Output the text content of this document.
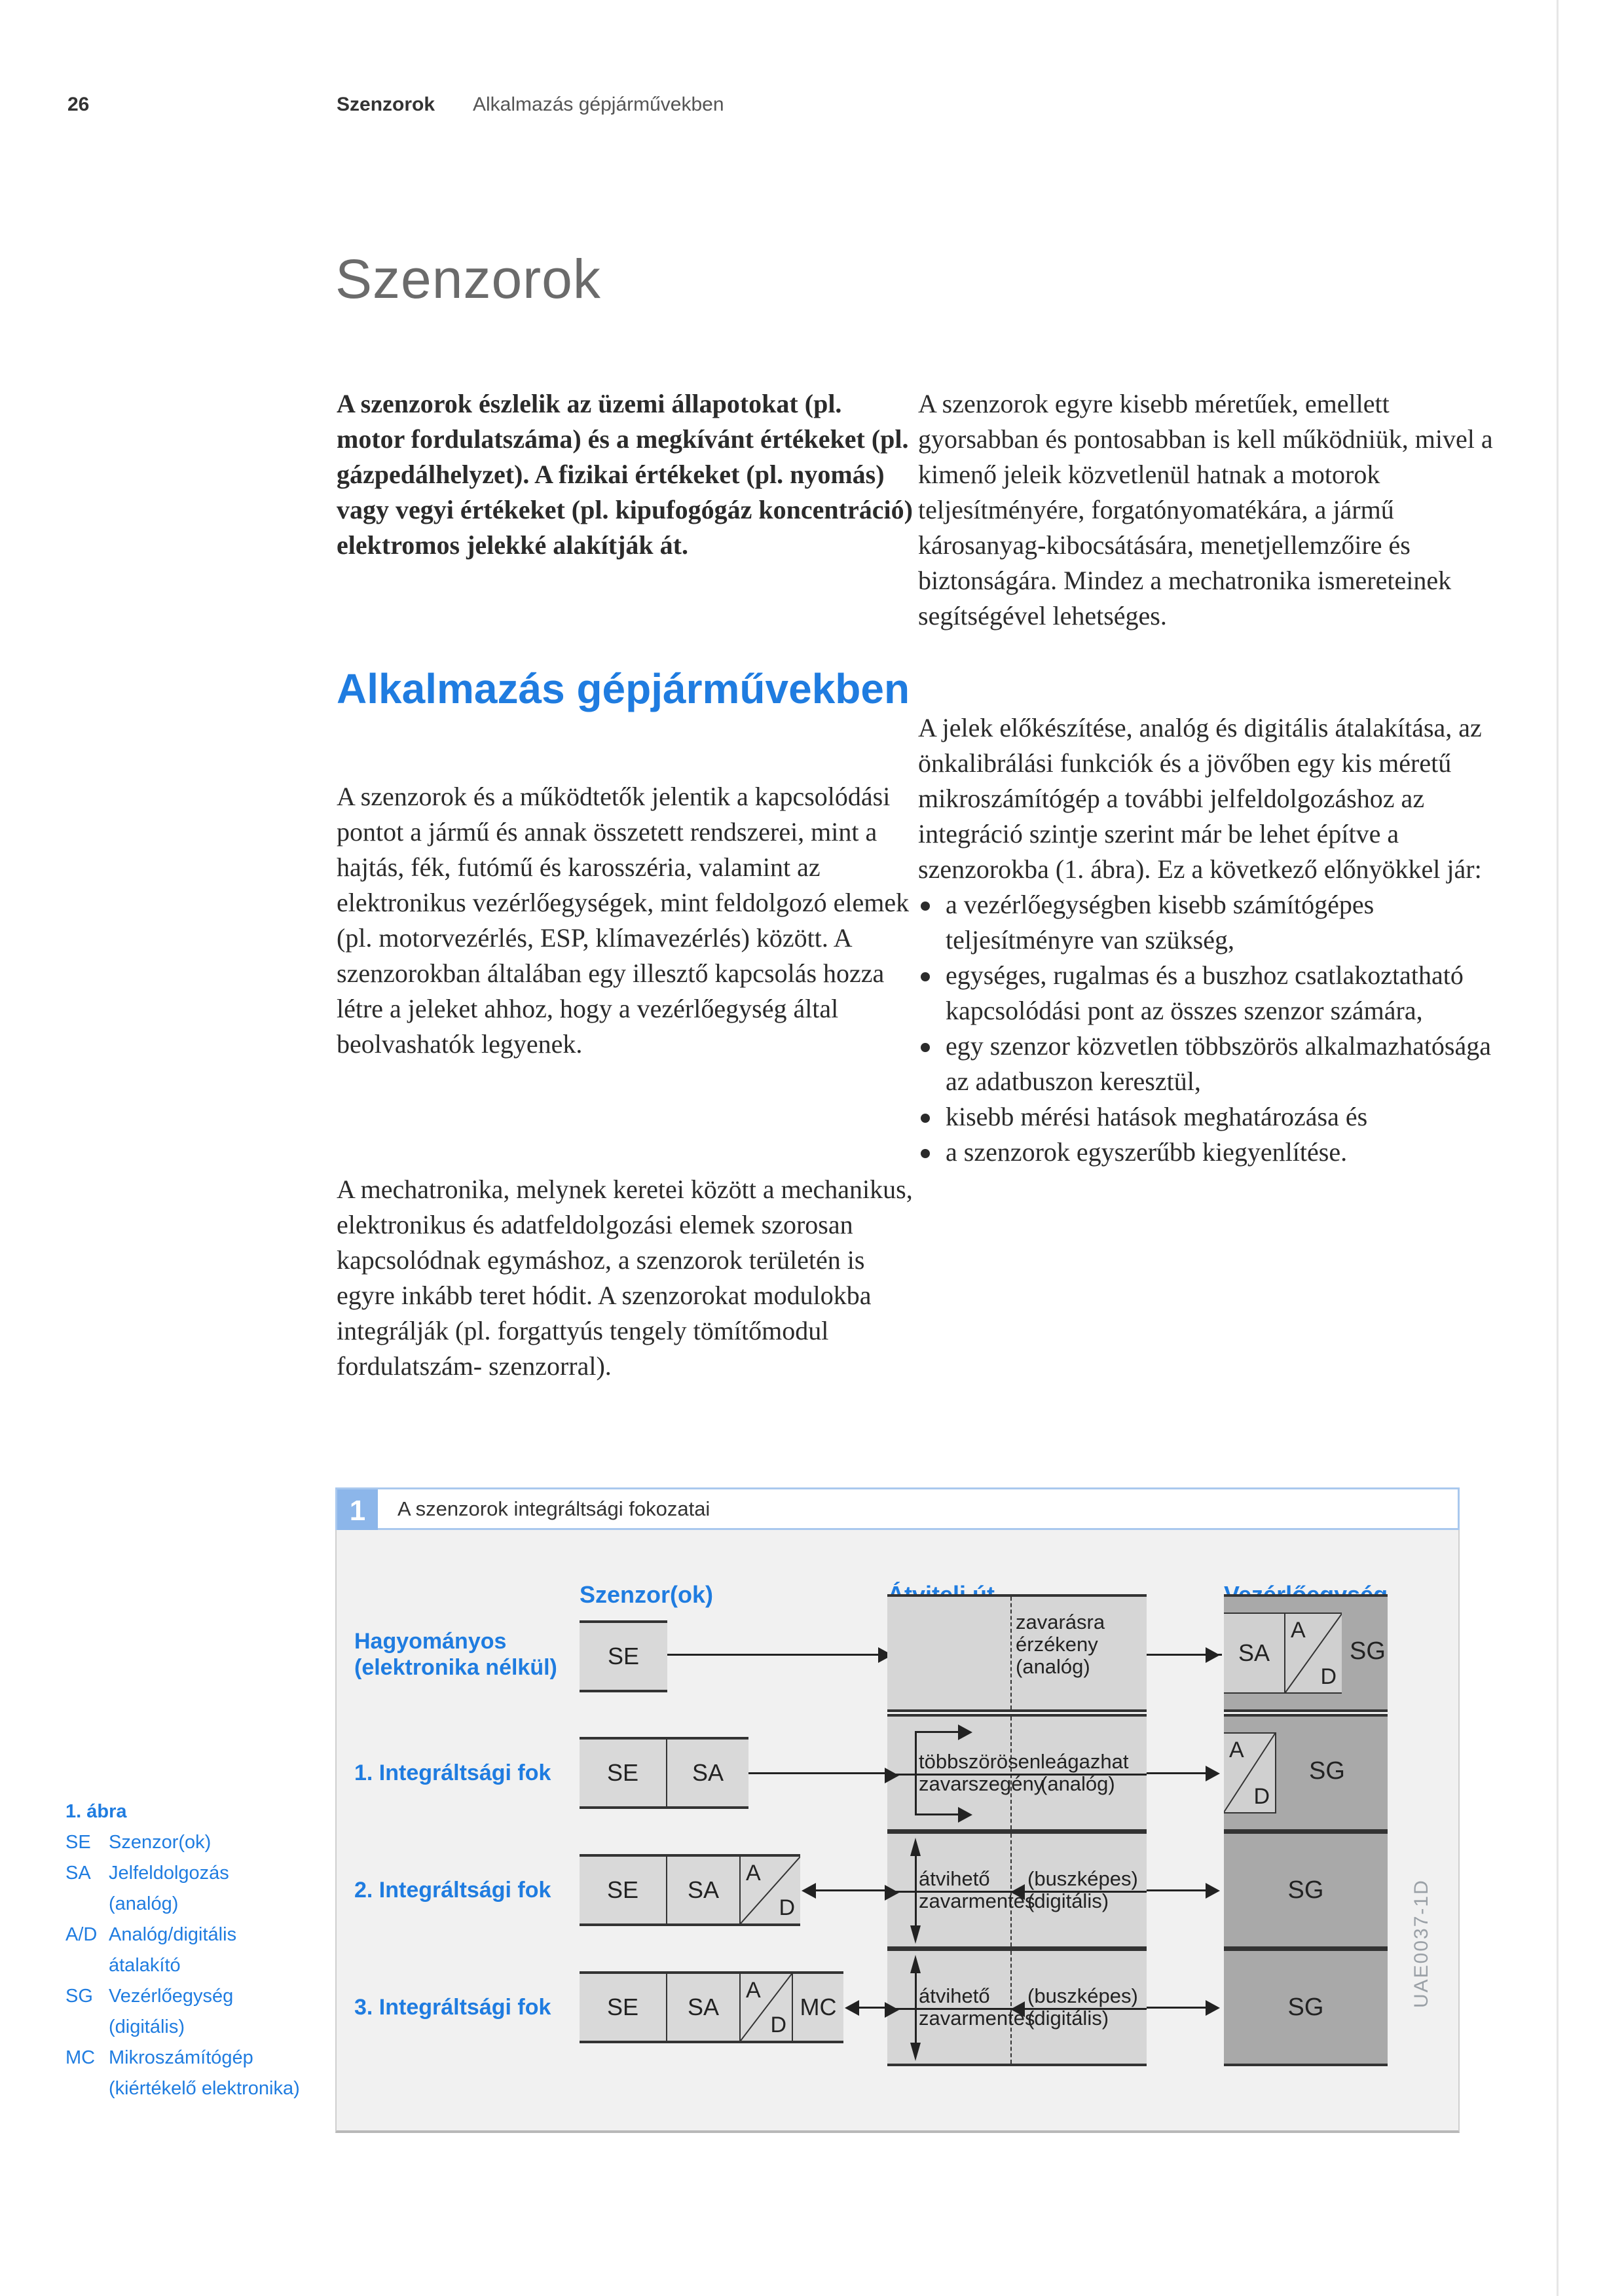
26	Szenzorok Alkalmazás gépjárművekben
Szenzorok

A szenzorok észlelik az üzemi állapotokat (pl. motor fordulatszáma) és a megkívánt értékeket (pl. gázpedálhelyzet). A fizikai értékeket (pl. nyomás) vagy vegyi értékeket (pl. kipufogógáz koncentráció) elektromos jelekké alakítják át.

Alkalmazás gépjárművekben

A szenzorok és a működtetők jelentik a kapcsolódási pontot a jármű és annak összetett rendszerei, mint a hajtás, fék, futómű és karosszéria, valamint az elektronikus vezérlőegységek, mint feldolgozó elemek (pl. motorvezérlés, ESP, klímavezérlés) között. A szenzorokban általában egy illesztő kapcsolás hozza létre a jeleket ahhoz, hogy a vezérlőegység által beolvashatók legyenek.

A mechatronika, melynek keretei között a mechanikus, elektronikus és adatfeldolgozási elemek szorosan kapcsolódnak egymáshoz, a szenzorok területén is egyre inkább teret hódit. A szenzorokat modulokba integrálják (pl. forgattyús tengely tömítőmodul fordulatszám- szenzorral).

A szenzorok egyre kisebb méretűek, emellett gyorsabban és pontosabban is kell működniük, mivel a kimenő jeleik közvetlenül hatnak a motorok teljesítményére, forgatónyomatékára, a jármű károsanyag-kibocsátására, menetjellemzőire és biztonságára. Mindez a mechatronika ismereteinek segítségével lehetséges.

A jelek előkészítése, analóg és digitális átalakítása, az önkalibrálási funkciók és a jövőben egy kis méretű mikroszámítógép a további jelfeldolgozáshoz az integráció szintje szerint már be lehet építve a szenzorokba (1. ábra). Ez a következő előnyökkel jár:

a vezérlőegységben kisebb számítógépes teljesítményre van szükség,
egységes, rugalmas és a buszhoz csatlakoztatható kapcsolódási pont az összes szenzor számára,
egy szenzor közvetlen többszörös alkalmazhatósága az adatbuszon keresztül,
kisebb mérési hatások meghatározása és
a szenzorok egyszerűbb kiegyenlítése.
1. ábra
SE Szenzor(ok)
SA Jelfeldolgozás (analóg)
A/D Analóg/digitális átalakító
SG Vezérlőegység (digitális)
MC Mikroszámítógép (kiértékelő elektronika)
1	A szenzorok integráltsági fokozatai
Szenzor(ok)
Hagyományos
(elektronika nélkül) SE
zavarásra
érzékeny
(analóg)
SA
A
D
SG
1. Integráltsági fok SE SA	többszörösen
zavarszegény
leágazhat
(analóg)
A
D
SG
2. Integráltsági fok SE SA
A
D
átvihető
zavarmentes
(buszképes)
(digitális)	SG
3. Integráltsági fok SE SA
A
D
MC	átvihető
zavarmentes
(buszképes)
(digitális)	SG	UAE0037-1D
